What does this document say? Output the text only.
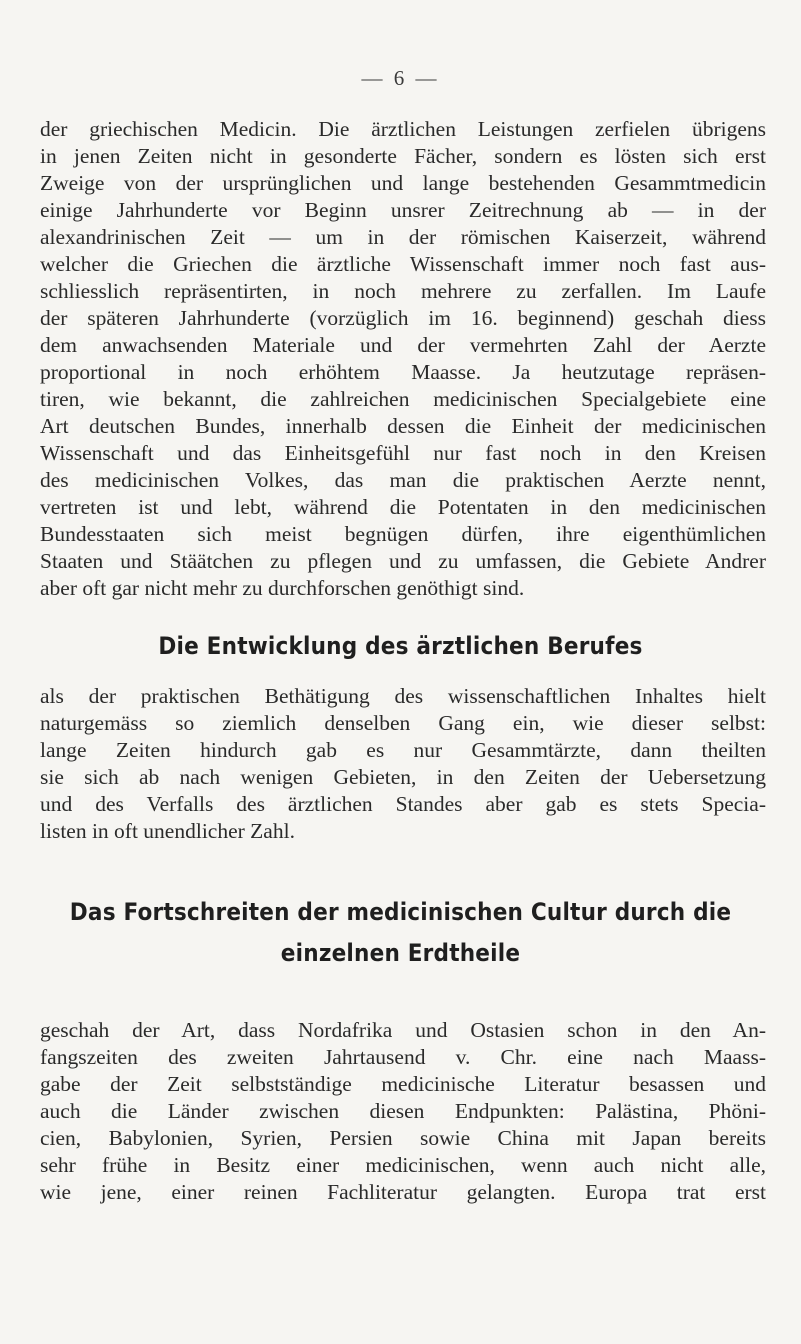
— 6 —
der griechischen Medicin. Die ärztlichen Leistungen zerfielen übrigens
in jenen Zeiten nicht in gesonderte Fächer, sondern es lösten sich erst
Zweige von der ursprünglichen und lange bestehenden Gesammtmedicin
einige Jahrhunderte vor Beginn unsrer Zeitrechnung ab — in der
alexandrinischen Zeit — um in der römischen Kaiserzeit, während
welcher die Griechen die ärztliche Wissenschaft immer noch fast aus-
schliesslich repräsentirten, in noch mehrere zu zerfallen. Im Laufe
der späteren Jahrhunderte (vorzüglich im 16. beginnend) geschah diess
dem anwachsenden Materiale und der vermehrten Zahl der Aerzte
proportional in noch erhöhtem Maasse. Ja heutzutage repräsen-
tiren, wie bekannt, die zahlreichen medicinischen Specialgebiete eine
Art deutschen Bundes, innerhalb dessen die Einheit der medicinischen
Wissenschaft und das Einheitsgefühl nur fast noch in den Kreisen
des medicinischen Volkes, das man die praktischen Aerzte nennt,
vertreten ist und lebt, während die Potentaten in den medicinischen
Bundesstaaten sich meist begnügen dürfen, ihre eigenthümlichen
Staaten und Stäätchen zu pflegen und zu umfassen, die Gebiete Andrer
aber oft gar nicht mehr zu durchforschen genöthigt sind.
Die Entwicklung des ärztlichen Berufes
als der praktischen Bethätigung des wissenschaftlichen Inhaltes hielt
naturgemäss so ziemlich denselben Gang ein, wie dieser selbst:
lange Zeiten hindurch gab es nur Gesammtärzte, dann theilten
sie sich ab nach wenigen Gebieten, in den Zeiten der Uebersetzung
und des Verfalls des ärztlichen Standes aber gab es stets Specia-
listen in oft unendlicher Zahl.
Das Fortschreiten der medicinischen Cultur durch die
einzelnen Erdtheile
geschah der Art, dass Nordafrika und Ostasien schon in den An-
fangszeiten des zweiten Jahrtausend v. Chr. eine nach Maass-
gabe der Zeit selbstständige medicinische Literatur besassen und
auch die Länder zwischen diesen Endpunkten: Palästina, Phöni-
cien, Babylonien, Syrien, Persien sowie China mit Japan bereits
sehr frühe in Besitz einer medicinischen, wenn auch nicht alle,
wie jene, einer reinen Fachliteratur gelangten. Europa trat erst
